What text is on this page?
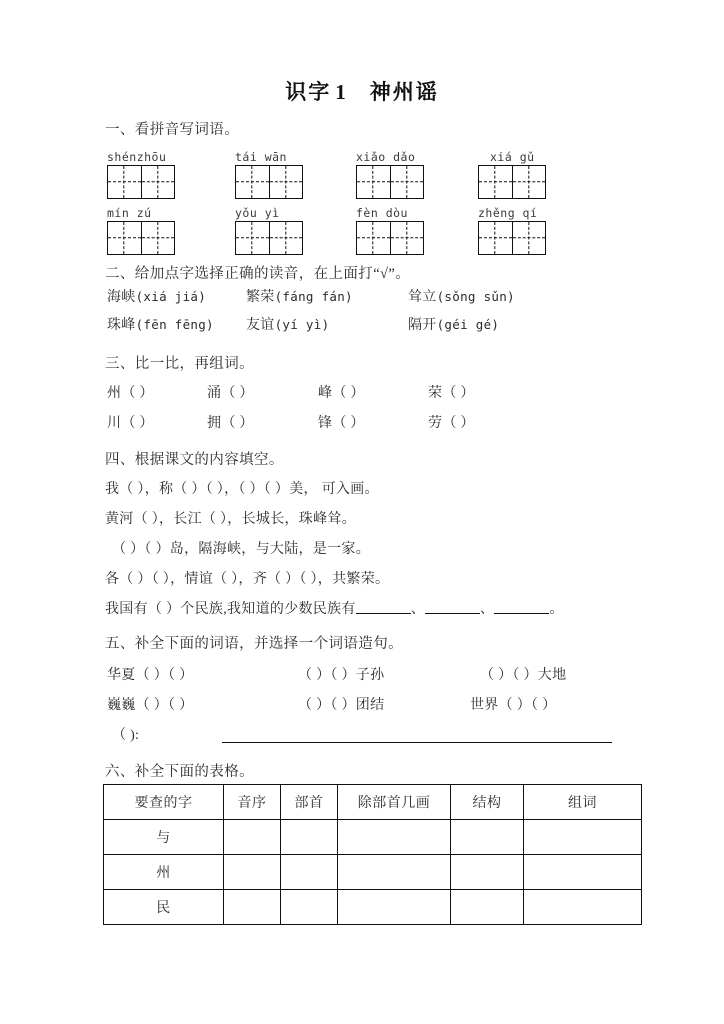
识字 1 神州谣
一、看拼音写词语。
shénzhōu	tái wān	xiǎo dǎo	xiá gǔ
mín zú	yǒu yì	fèn dòu	zhěng qí
二、给加点字选择正确的读音，在上面打“√”。
海峡(xiá jiá)	繁荣(fáng fán)	耸立(sǒng sǔn)
珠峰(fēn fēng) 友谊(yí yì)	隔开(géi gé)
三、比一比，再组词。
州（ ）	涌（ ）	峰（ ）	荣（ ）
川（ ）	拥（ ）	锋（ ）	劳（ ）
四、根据课文的内容填空。
我（ ），称（ ）（ ），（ ）（ ）美， 可入画。
黄河（ ），长江（ ），长城长，珠峰耸。
（ ）（ ）岛，隔海峡，与大陆，是一家。
各（ ）（ ），情谊（ ），齐（ ）（ ），共繁荣。
我国有（ ）个民族,我知道的少数民族有	、	、	。
五、补全下面的词语，并选择一个词语造句。
华夏（ ）（ ）	（ ）（ ）子孙	（ ）（ ）大地
巍巍（ ）（ ）	（ ）（ ）团结	世界（ ）（ ）
（ ):
六、补全下面的表格。
要查的字	音序	部首	除部首几画	结构	组词
与					
州					
民					
